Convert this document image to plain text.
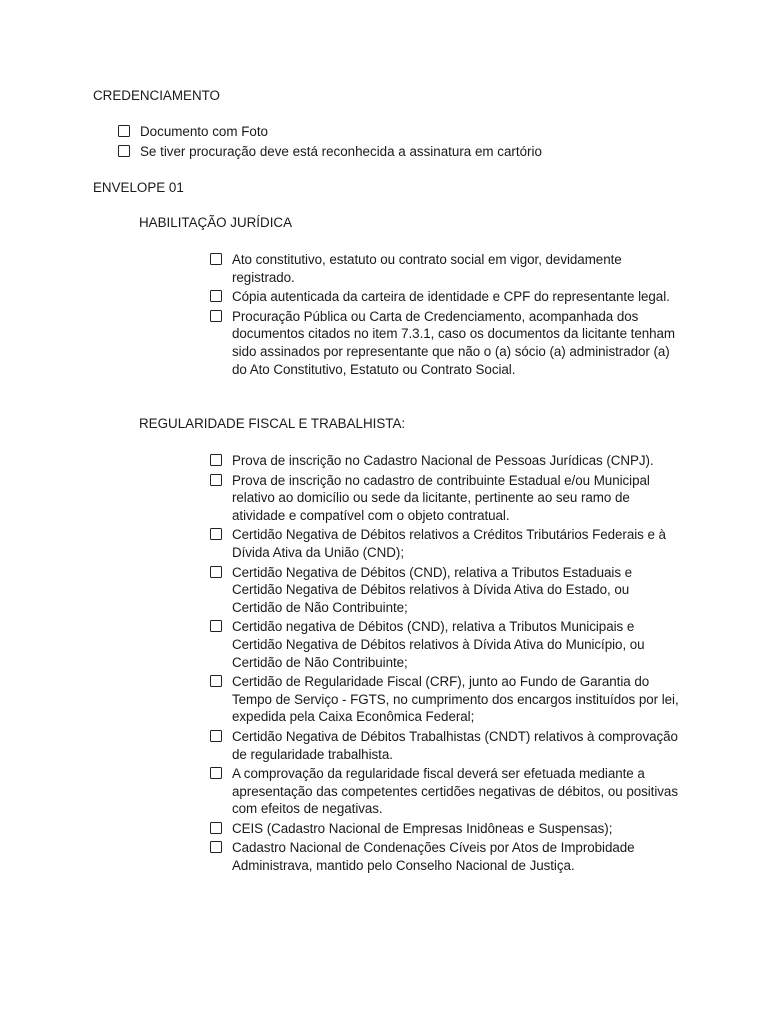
CREDENCIAMENTO
Documento com Foto
Se tiver procuração deve está reconhecida a assinatura em cartório
ENVELOPE 01
HABILITAÇÃO JURÍDICA
Ato constitutivo, estatuto ou contrato social em vigor, devidamente registrado.
Cópia autenticada da carteira de identidade e CPF do representante legal.
Procuração Pública ou Carta de Credenciamento, acompanhada dos documentos citados no item 7.3.1, caso os documentos da licitante tenham sido assinados por representante que não o (a) sócio (a) administrador (a) do Ato Constitutivo, Estatuto ou Contrato Social.
REGULARIDADE FISCAL E TRABALHISTA:
Prova de inscrição no Cadastro Nacional de Pessoas Jurídicas (CNPJ).
Prova de inscrição no cadastro de contribuinte Estadual e/ou Municipal relativo ao domicílio ou sede da licitante, pertinente ao seu ramo de atividade e compatível com o objeto contratual.
Certidão Negativa de Débitos relativos a Créditos Tributários Federais e à Dívida Ativa da União (CND);
Certidão Negativa de Débitos (CND), relativa a Tributos Estaduais e Certidão Negativa de Débitos relativos à Dívida Ativa do Estado, ou Certidão de Não Contribuinte;
Certidão negativa de Débitos (CND), relativa a Tributos Municipais e Certidão Negativa de Débitos relativos à Dívida Ativa do Município, ou Certidão de Não Contribuinte;
Certidão de Regularidade Fiscal (CRF), junto ao Fundo de Garantia do Tempo de Serviço - FGTS, no cumprimento dos encargos instituídos por lei, expedida pela Caixa Econômica Federal;
Certidão Negativa de Débitos Trabalhistas (CNDT) relativos à comprovação de regularidade trabalhista.
A comprovação da regularidade fiscal deverá ser efetuada mediante a apresentação das competentes certidões negativas de débitos, ou positivas com efeitos de negativas.
CEIS (Cadastro Nacional de Empresas Inidôneas e Suspensas);
Cadastro Nacional de Condenações Cíveis por Atos de Improbidade Administrava, mantido pelo Conselho Nacional de Justiça.
